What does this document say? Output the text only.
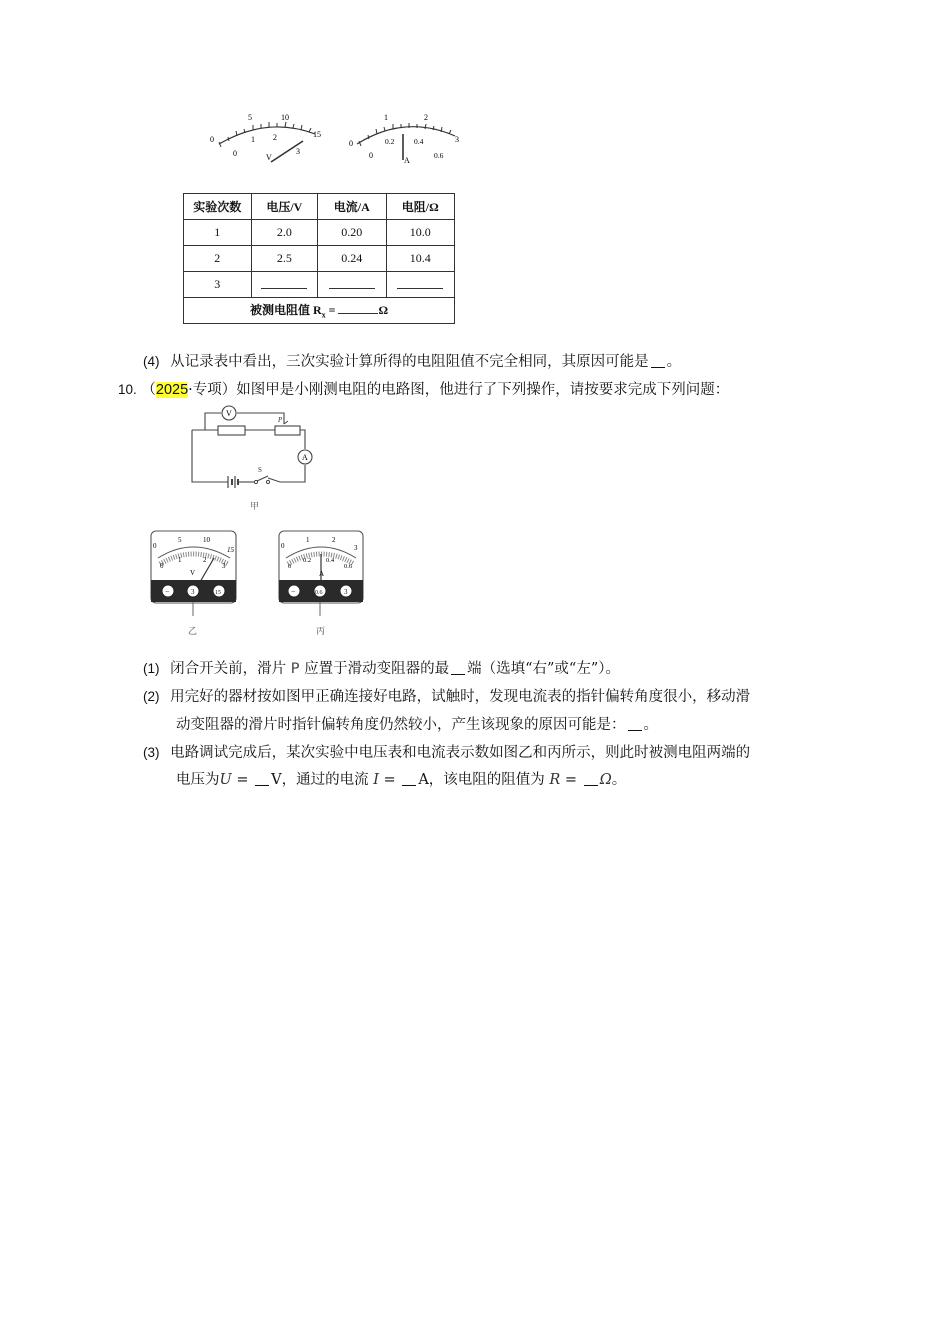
5	10
15
0
0
1 2
3
V
1	2
3
0
0
0.2	0.4
0.6
A
实验次数	电压/V	电流/A	电阻/Ω
1	2.0	0.20	10.0
2	2.5	0.24	10.4
3			
被测电阻值 $R_x = \Omega$			
(4) 从记录表中看出，三次实验计算所得的电阻阻值不完全相同，其原因可能是 。
10. （2025·专项）如图甲是小刚测电阻的电路图，他进行了下列操作，请按要求完成下列问题：
P
V
A
S
甲
0
5	10
15
0
1	2
3
V
−	3	15
乙
0
1	2
3
0
0.2 0.4
0.6
A
−	0.6	3
丙
(1) 闭合开关前，滑片 P 应置于滑动变阻器的最 端（选填“右”或“左”）。
(2) 用完好的器材按如图甲正确连接好电路，试触时，发现电流表的指针偏转角度很小，移动滑
动变阻器的滑片时指针偏转角度仍然较小，产生该现象的原因可能是： 。
(3) 电路调试完成后，某次实验中电压表和电流表示数如图乙和丙所示，则此时被测电阻两端的
电压为U = V，通过的电流 I = A，该电阻的阻值为 R = Ω。
